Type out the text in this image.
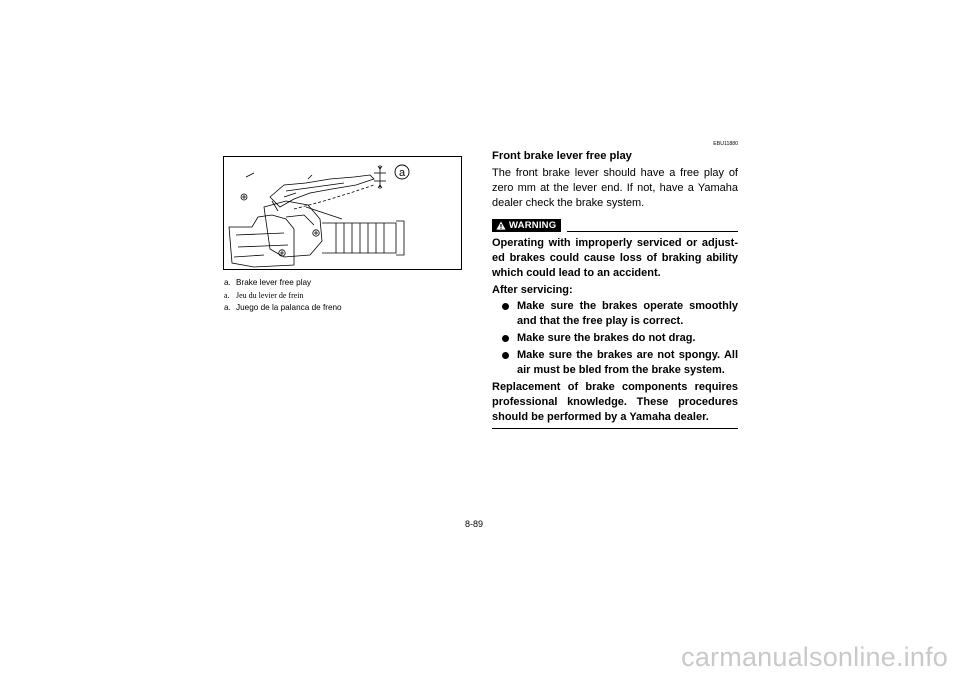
a
a. Brake lever free play
a. Jeu du levier de frein
a. Juego de la palanca de freno
EBU11880
Front brake lever free play

The front brake lever should have a free play of zero mm at the lever end. If not, have a Yamaha dealer check the brake system.

WARNING

Operating with improperly serviced or adjust-ed brakes could cause loss of braking ability which could lead to an accident.

After servicing:
Make sure the brakes operate smoothly and that the free play is correct.
Make sure the brakes do not drag.
Make sure the brakes are not spongy. All air must be bled from the brake system.

Replacement of brake components requires professional knowledge. These procedures should be performed by a Yamaha dealer.

8-89
carmanualsonline.info
